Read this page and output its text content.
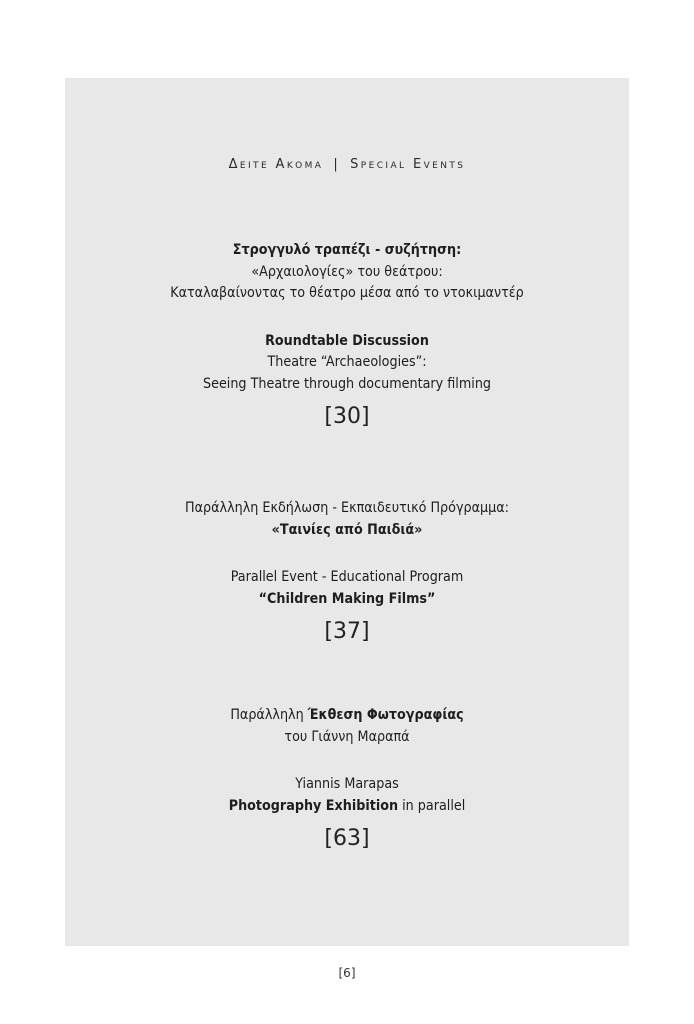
Δειτε Ακομα | Special Events
Στρογγυλό τραπέζι - συζήτηση:
«Αρχαιολογίες» του θεάτρου:
Καταλαβαίνοντας το θέατρο μέσα από το ντοκιμαντέρ
Roundtable Discussion
Theatre “Archaeologies”:
Seeing Theatre through documentary filming
[30]
Παράλληλη Εκδήλωση - Εκπαιδευτικό Πρόγραμμα:
«Ταινίες από Παιδιά»
Parallel Event - Educational Program
“Children Making Films”
[37]
Παράλληλη Έκθεση Φωτογραφίας
του Γιάννη Μαραπά
Yiannis Marapas
Photography Exhibition in parallel
[63]
[6]
